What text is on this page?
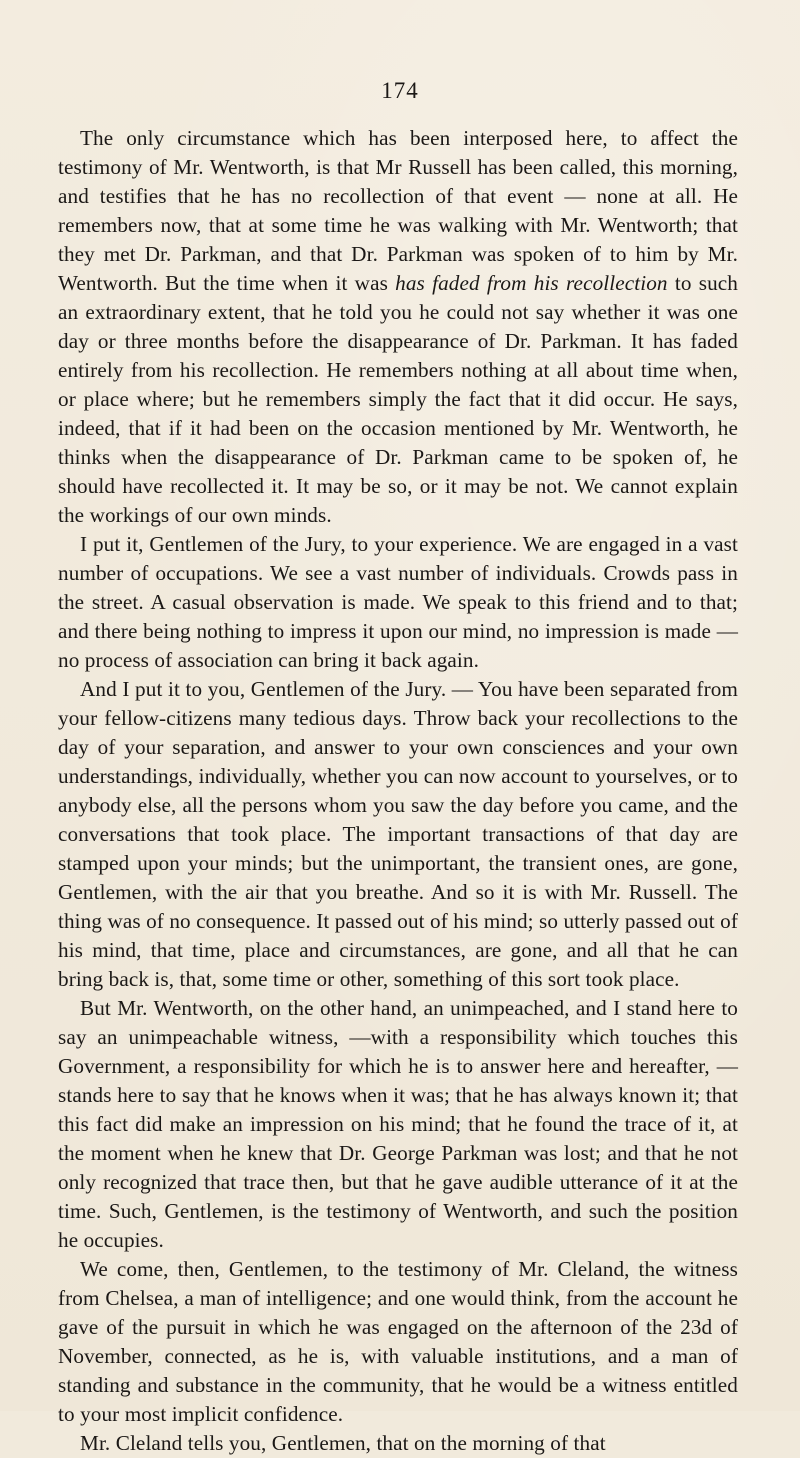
174

The only circumstance which has been interposed here, to affect the testimony of Mr. Wentworth, is that Mr Russell has been called, this morning, and testifies that he has no recollection of that event — none at all. He remembers now, that at some time he was walking with Mr. Wentworth; that they met Dr. Parkman, and that Dr. Parkman was spoken of to him by Mr. Wentworth. But the time when it was has faded from his recollection to such an extraordinary extent, that he told you he could not say whether it was one day or three months before the disappearance of Dr. Parkman. It has faded entirely from his recollection. He remembers nothing at all about time when, or place where; but he remembers simply the fact that it did occur. He says, indeed, that if it had been on the occasion mentioned by Mr. Wentworth, he thinks when the disappearance of Dr. Parkman came to be spoken of, he should have recollected it. It may be so, or it may be not. We cannot explain the workings of our own minds.

I put it, Gentlemen of the Jury, to your experience. We are engaged in a vast number of occupations. We see a vast number of individuals. Crowds pass in the street. A casual observation is made. We speak to this friend and to that; and there being nothing to impress it upon our mind, no impression is made —no process of association can bring it back again.

And I put it to you, Gentlemen of the Jury. — You have been separated from your fellow-citizens many tedious days. Throw back your recollections to the day of your separation, and answer to your own consciences and your own understandings, individually, whether you can now account to yourselves, or to anybody else, all the persons whom you saw the day before you came, and the conversations that took place. The important transactions of that day are stamped upon your minds; but the unimportant, the transient ones, are gone, Gentlemen, with the air that you breathe. And so it is with Mr. Russell. The thing was of no consequence. It passed out of his mind; so utterly passed out of his mind, that time, place and circumstances, are gone, and all that he can bring back is, that, some time or other, something of this sort took place.

But Mr. Wentworth, on the other hand, an unimpeached, and I stand here to say an unimpeachable witness, —with a responsibility which touches this Government, a responsibility for which he is to answer here and hereafter, — stands here to say that he knows when it was; that he has always known it; that this fact did make an impression on his mind; that he found the trace of it, at the moment when he knew that Dr. George Parkman was lost; and that he not only recognized that trace then, but that he gave audible utterance of it at the time. Such, Gentlemen, is the testimony of Wentworth, and such the position he occupies.

We come, then, Gentlemen, to the testimony of Mr. Cleland, the witness from Chelsea, a man of intelligence; and one would think, from the account he gave of the pursuit in which he was engaged on the afternoon of the 23d of November, connected, as he is, with valuable institutions, and a man of standing and substance in the community, that he would be a witness entitled to your most implicit confidence.

Mr. Cleland tells you, Gentlemen, that on the morning of that
